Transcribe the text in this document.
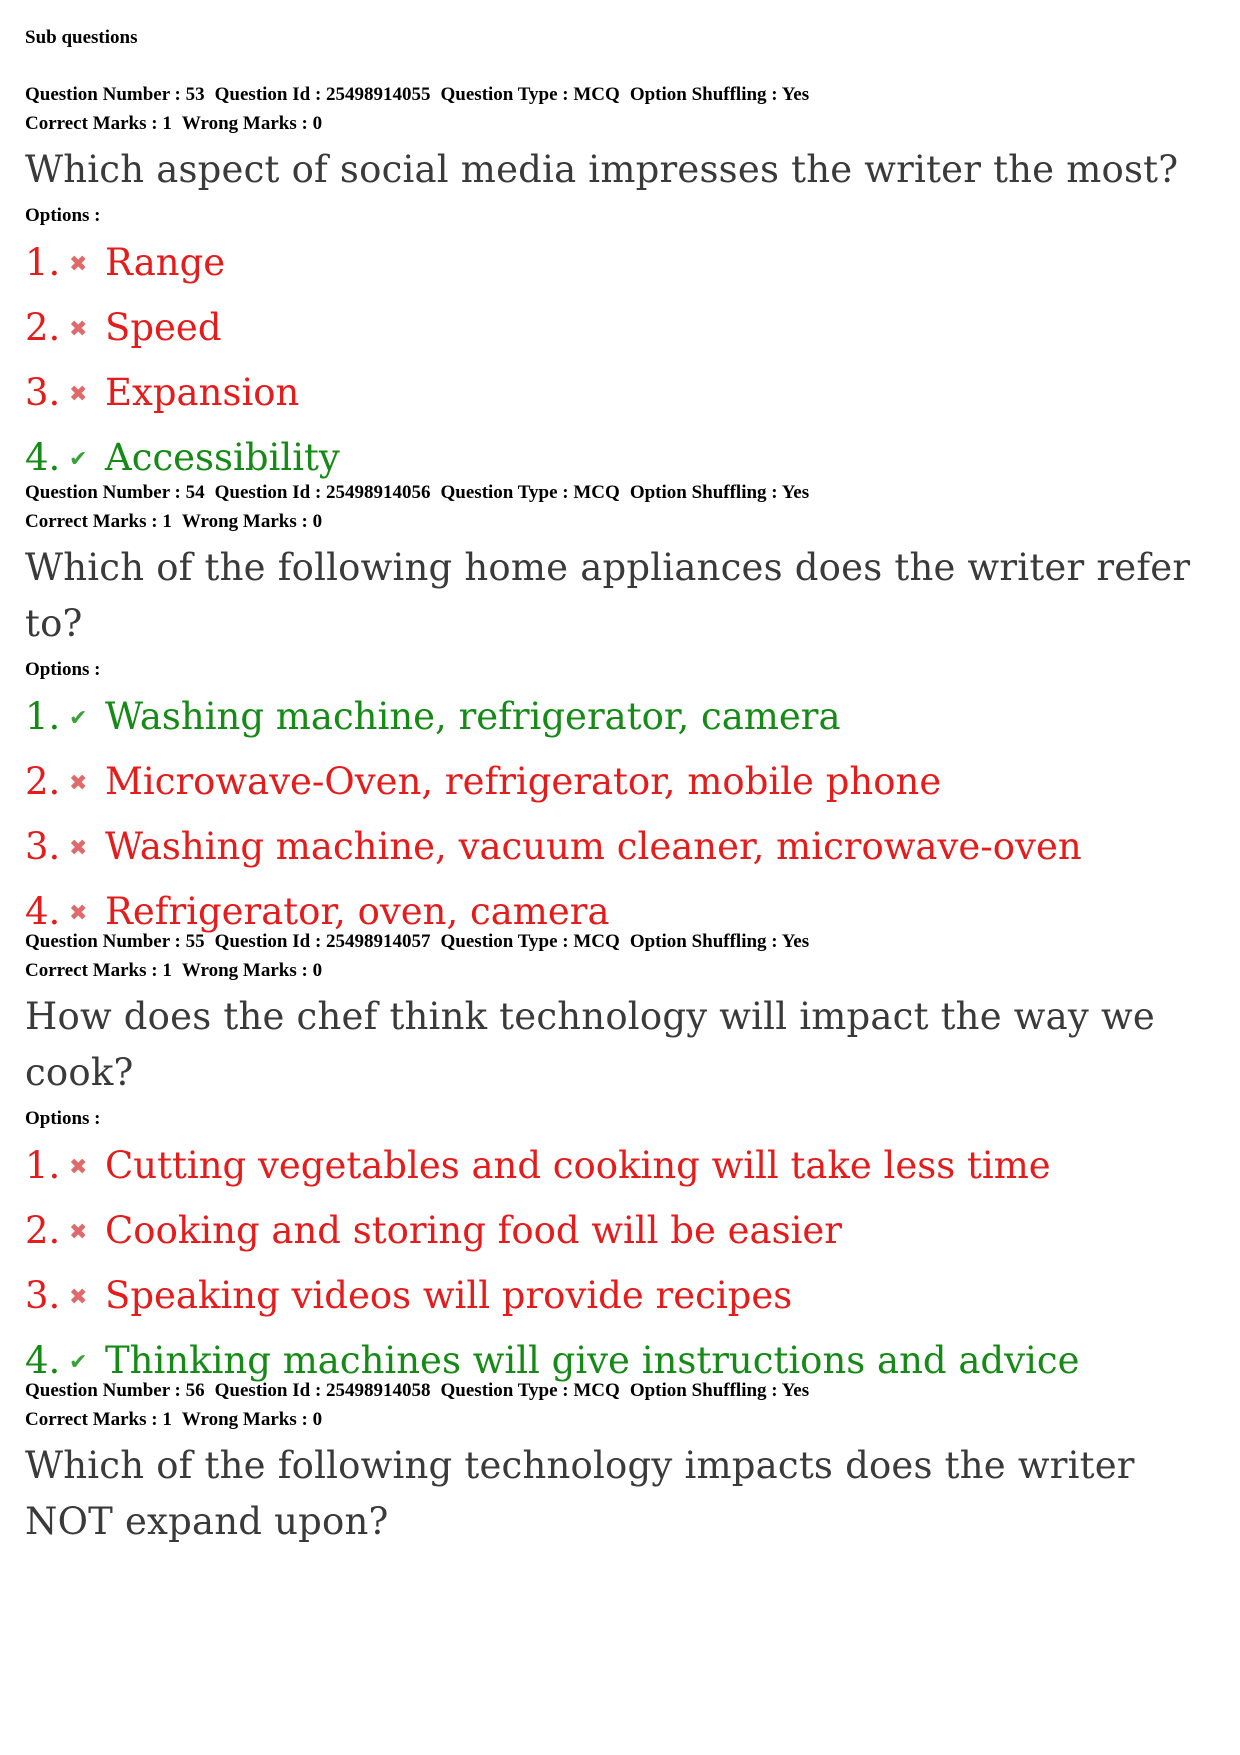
Sub questions
Question Number : 53 Question Id : 25498914055 Question Type : MCQ Option Shuffling : Yes
Correct Marks : 1 Wrong Marks : 0
Which aspect of social media impresses the writer the most?
Options :
1. ✖ Range
2. ✖ Speed
3. ✖ Expansion
4. ✔ Accessibility
Question Number : 54 Question Id : 25498914056 Question Type : MCQ Option Shuffling : Yes
Correct Marks : 1 Wrong Marks : 0
Which of the following home appliances does the writer refer to?
Options :
1. ✔ Washing machine, refrigerator, camera
2. ✖ Microwave-Oven, refrigerator, mobile phone
3. ✖ Washing machine, vacuum cleaner, microwave-oven
4. ✖ Refrigerator, oven, camera
Question Number : 55 Question Id : 25498914057 Question Type : MCQ Option Shuffling : Yes
Correct Marks : 1 Wrong Marks : 0
How does the chef think technology will impact the way we cook?
Options :
1. ✖ Cutting vegetables and cooking will take less time
2. ✖ Cooking and storing food will be easier
3. ✖ Speaking videos will provide recipes
4. ✔ Thinking machines will give instructions and advice
Question Number : 56 Question Id : 25498914058 Question Type : MCQ Option Shuffling : Yes
Correct Marks : 1 Wrong Marks : 0
Which of the following technology impacts does the writer NOT expand upon?
